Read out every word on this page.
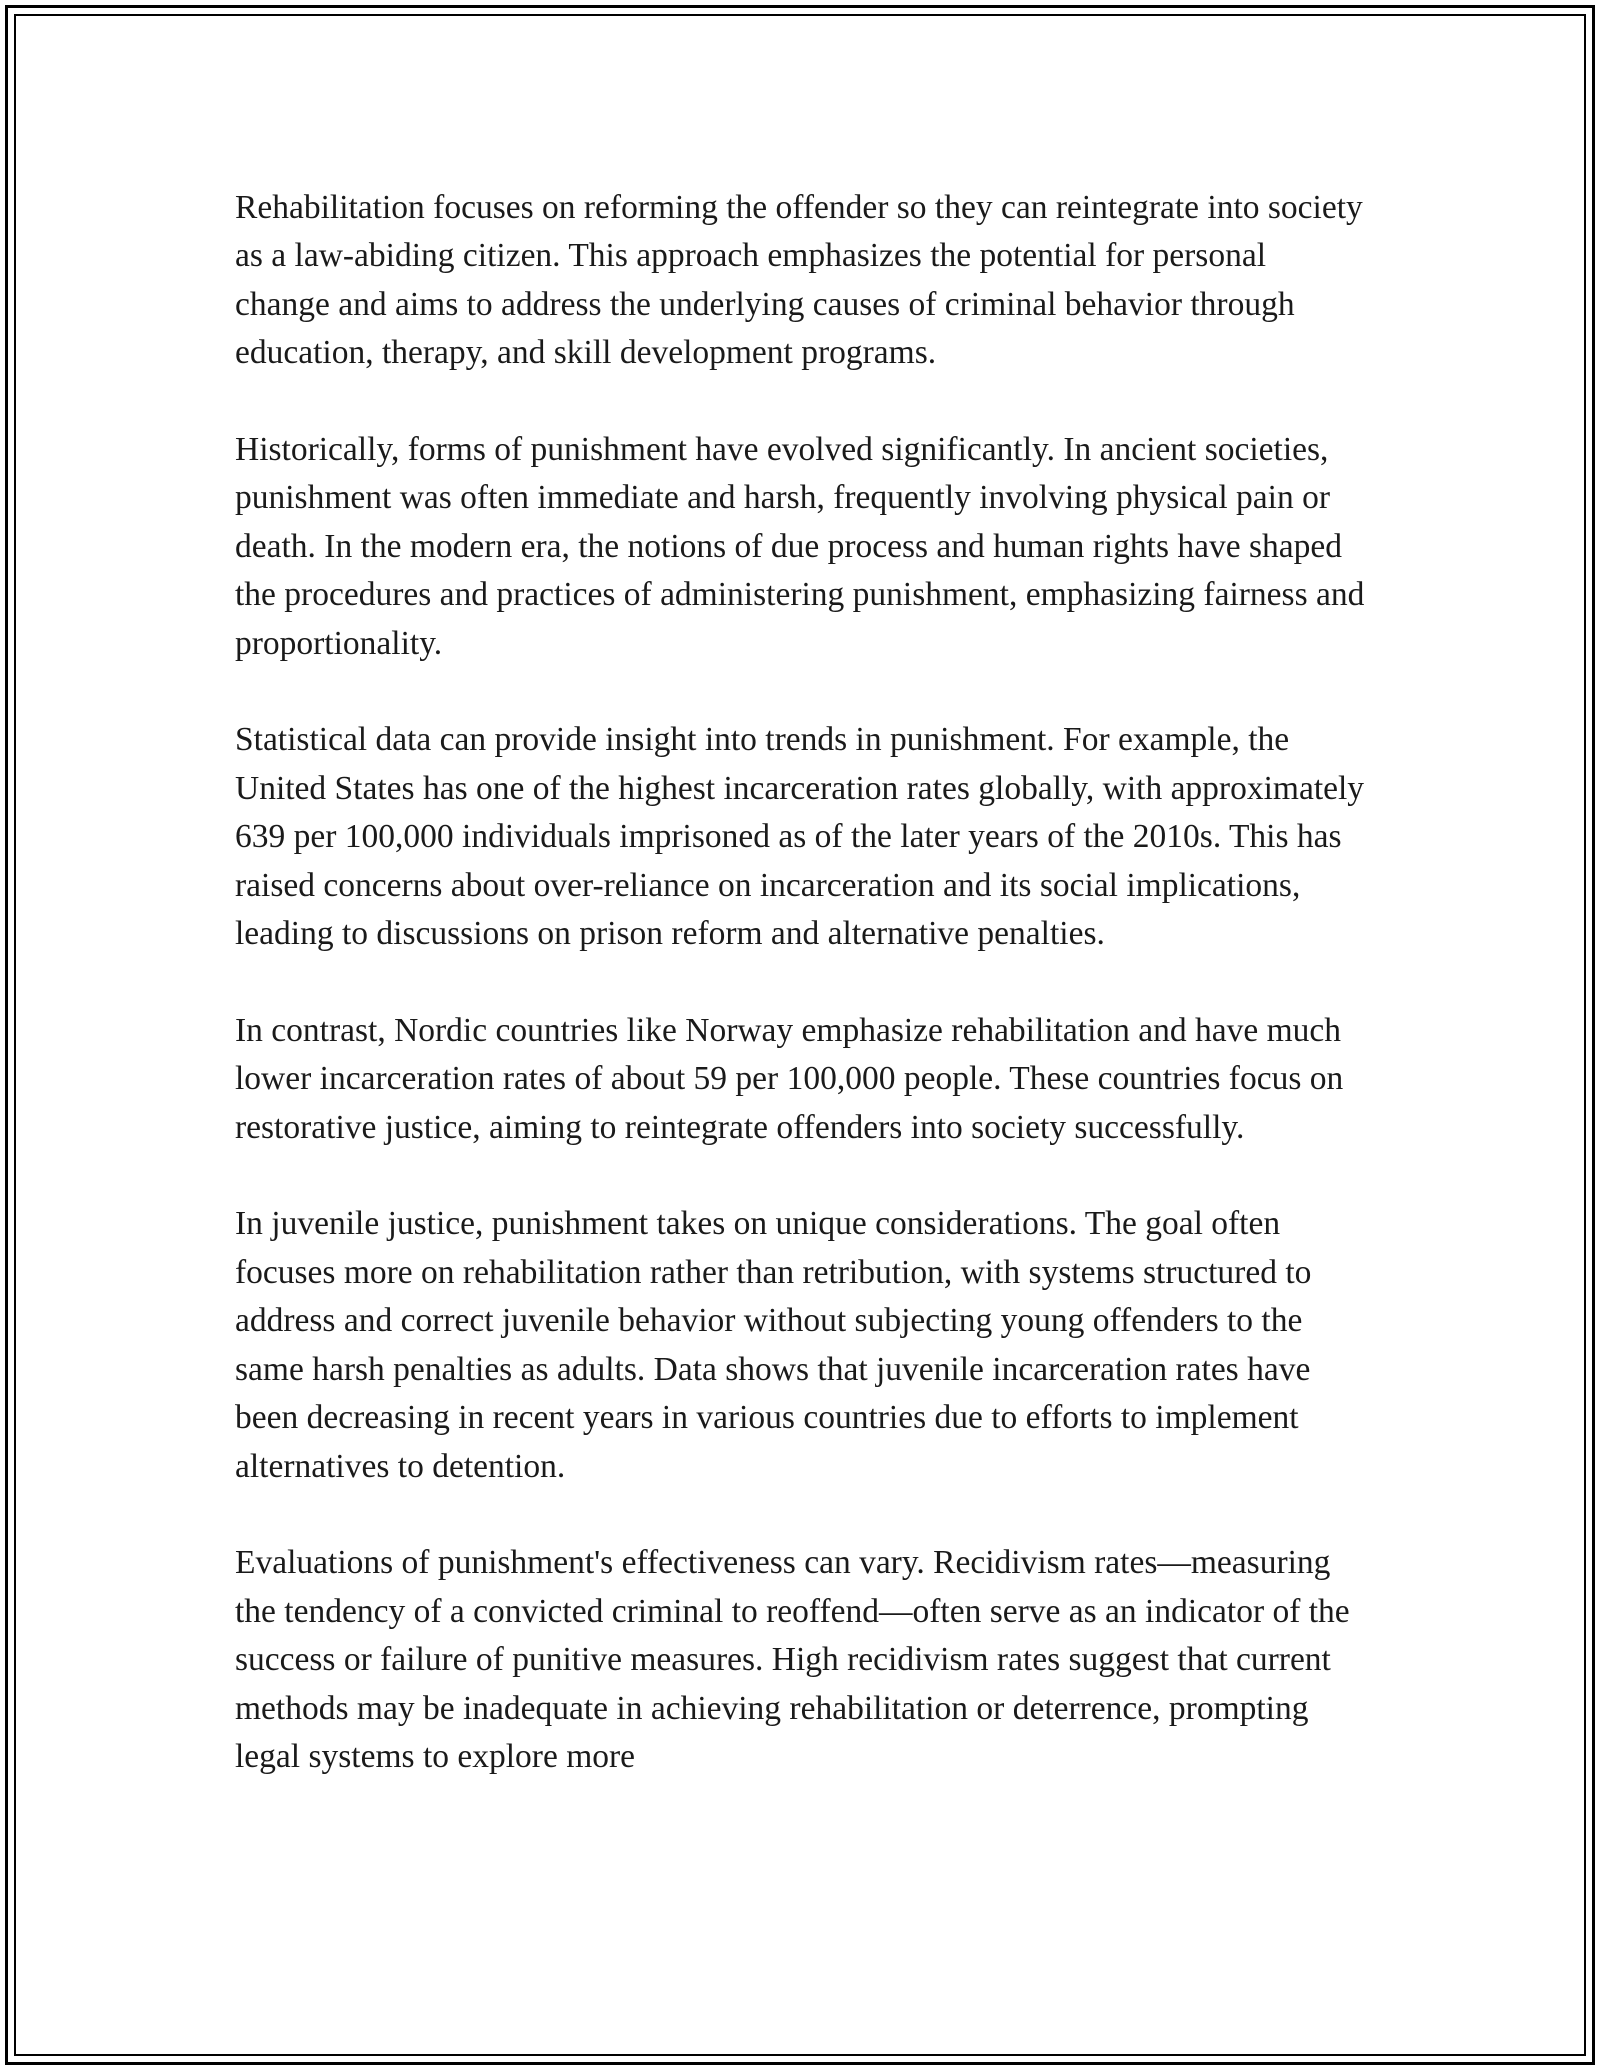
Rehabilitation focuses on reforming the offender so they can reintegrate into society as a law-abiding citizen. This approach emphasizes the potential for personal change and aims to address the underlying causes of criminal behavior through education, therapy, and skill development programs.

Historically, forms of punishment have evolved significantly. In ancient societies, punishment was often immediate and harsh, frequently involving physical pain or death. In the modern era, the notions of due process and human rights have shaped the procedures and practices of administering punishment, emphasizing fairness and proportionality.

Statistical data can provide insight into trends in punishment. For example, the United States has one of the highest incarceration rates globally, with approximately 639 per 100,000 individuals imprisoned as of the later years of the 2010s. This has raised concerns about over-reliance on incarceration and its social implications, leading to discussions on prison reform and alternative penalties.

In contrast, Nordic countries like Norway emphasize rehabilitation and have much lower incarceration rates of about 59 per 100,000 people. These countries focus on restorative justice, aiming to reintegrate offenders into society successfully.

In juvenile justice, punishment takes on unique considerations. The goal often focuses more on rehabilitation rather than retribution, with systems structured to address and correct juvenile behavior without subjecting young offenders to the same harsh penalties as adults. Data shows that juvenile incarceration rates have been decreasing in recent years in various countries due to efforts to implement alternatives to detention.

Evaluations of punishment's effectiveness can vary. Recidivism rates—measuring the tendency of a convicted criminal to reoffend—often serve as an indicator of the success or failure of punitive measures. High recidivism rates suggest that current methods may be inadequate in achieving rehabilitation or deterrence, prompting legal systems to explore more
